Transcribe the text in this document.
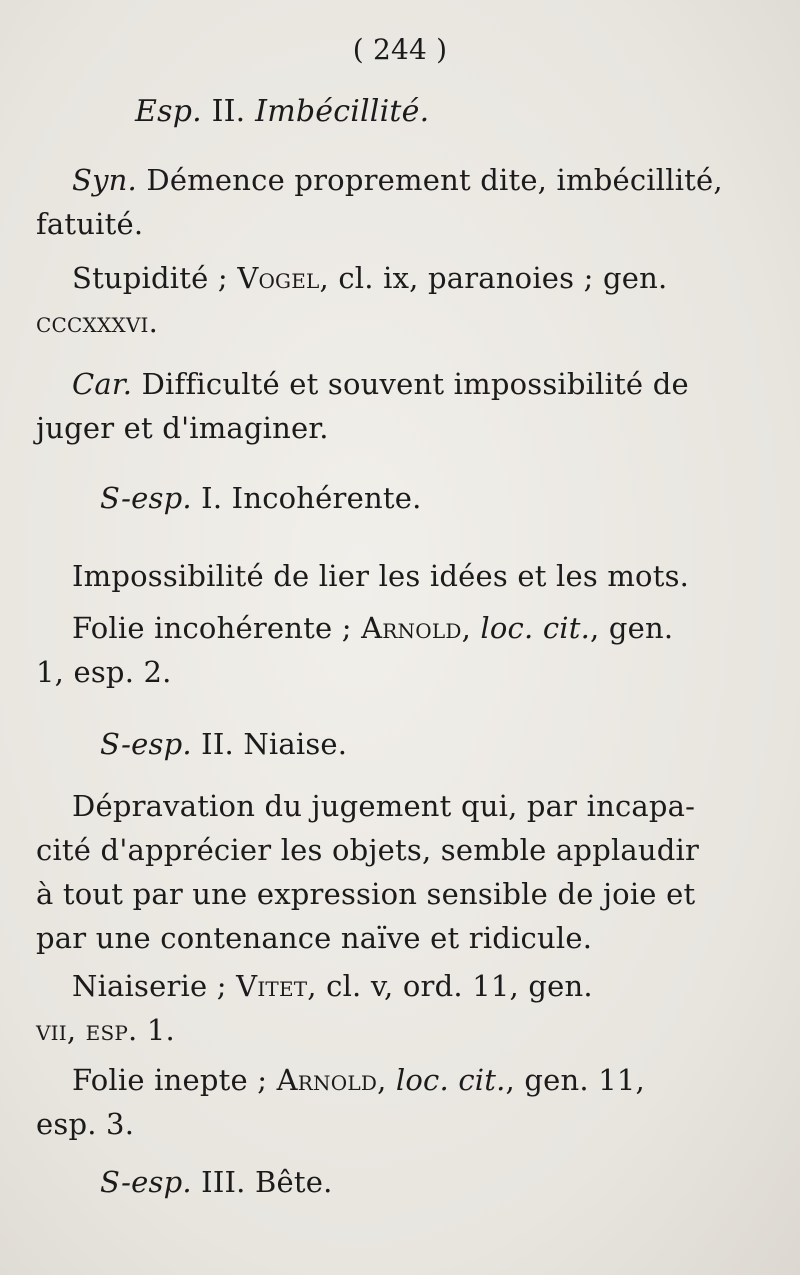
( 244 )
Esp. II. Imbécillité.
Syn. Démence proprement dite, imbécillité,
fatuité.
Stupidité ; Vogel, cl. ix, paranoies ; gen.
cccxxxvi.
Car. Difficulté et souvent impossibilité de
juger et d'imaginer.
S-esp. I. Incohérente.
Impossibilité de lier les idées et les mots.
Folie incohérente ; Arnold, loc. cit., gen.
1, esp. 2.
S-esp. II. Niaise.
Dépravation du jugement qui, par incapa-
cité d'apprécier les objets, semble applaudir
à tout par une expression sensible de joie et
par une contenance naïve et ridicule.
Niaiserie ; Vitet, cl. v, ord. 11, gen.
vii, esp. 1.
Folie inepte ; Arnold, loc. cit., gen. 11,
esp. 3.
S-esp. III. Bête.
